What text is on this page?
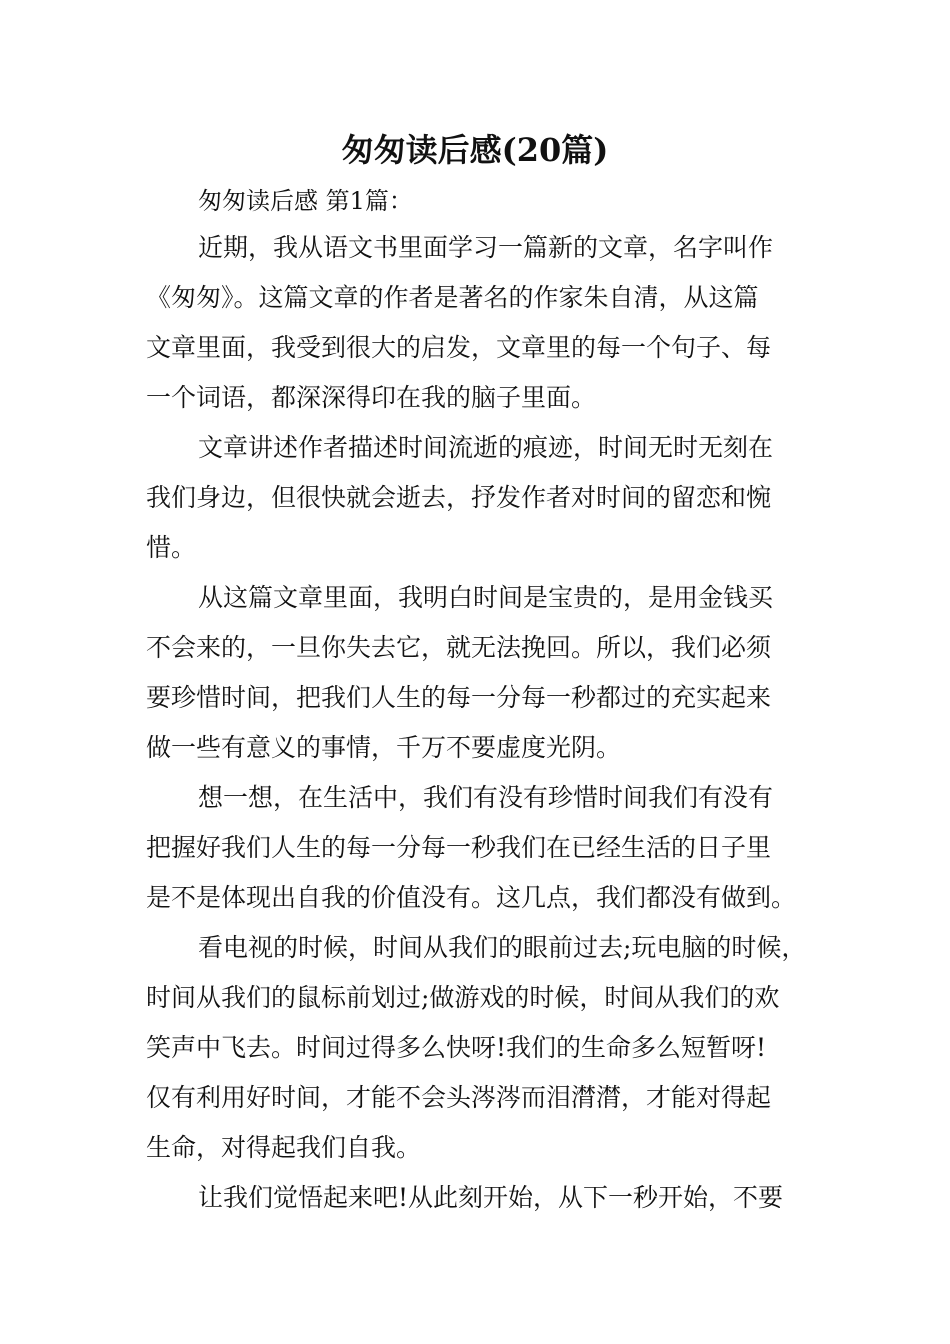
匆匆读后感(20篇)
匆匆读后感 第1篇：
近期，我从语文书里面学习一篇新的文章，名字叫作
《匆匆》。这篇文章的作者是著名的作家朱自清，从这篇
文章里面，我受到很大的启发，文章里的每一个句子、每
一个词语，都深深得印在我的脑子里面。
文章讲述作者描述时间流逝的痕迹，时间无时无刻在
我们身边，但很快就会逝去，抒发作者对时间的留恋和惋
惜。
从这篇文章里面，我明白时间是宝贵的，是用金钱买
不会来的，一旦你失去它，就无法挽回。所以，我们必须
要珍惜时间，把我们人生的每一分每一秒都过的充实起来
做一些有意义的事情，千万不要虚度光阴。
想一想，在生活中，我们有没有珍惜时间我们有没有
把握好我们人生的每一分每一秒我们在已经生活的日子里
是不是体现出自我的价值没有。这几点，我们都没有做到。
看电视的时候，时间从我们的眼前过去;玩电脑的时候，
时间从我们的鼠标前划过;做游戏的时候，时间从我们的欢
笑声中飞去。时间过得多么快呀!我们的生命多么短暂呀!
仅有利用好时间，才能不会头涔涔而泪潸潸，才能对得起
生命，对得起我们自我。
让我们觉悟起来吧!从此刻开始，从下一秒开始，不要
